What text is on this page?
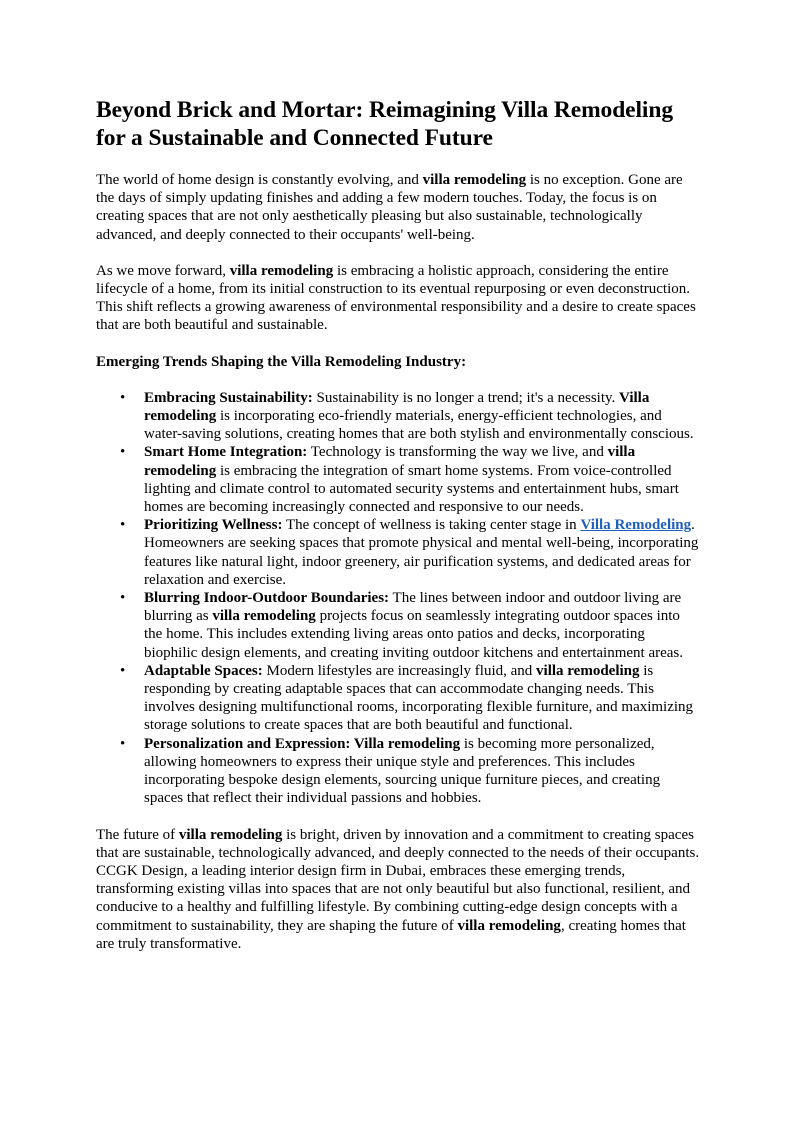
Beyond Brick and Mortar: Reimagining Villa Remodeling for a Sustainable and Connected Future

The world of home design is constantly evolving, and villa remodeling is no exception. Gone are the days of simply updating finishes and adding a few modern touches. Today, the focus is on creating spaces that are not only aesthetically pleasing but also sustainable, technologically advanced, and deeply connected to their occupants' well-being.

As we move forward, villa remodeling is embracing a holistic approach, considering the entire lifecycle of a home, from its initial construction to its eventual repurposing or even deconstruction. This shift reflects a growing awareness of environmental responsibility and a desire to create spaces that are both beautiful and sustainable.

Emerging Trends Shaping the Villa Remodeling Industry:

• Embracing Sustainability: Sustainability is no longer a trend; it's a necessity. Villa remodeling is incorporating eco-friendly materials, energy-efficient technologies, and water-saving solutions, creating homes that are both stylish and environmentally conscious.
• Smart Home Integration: Technology is transforming the way we live, and villa remodeling is embracing the integration of smart home systems. From voice-controlled lighting and climate control to automated security systems and entertainment hubs, smart homes are becoming increasingly connected and responsive to our needs.
• Prioritizing Wellness: The concept of wellness is taking center stage in Villa Remodeling. Homeowners are seeking spaces that promote physical and mental well-being, incorporating features like natural light, indoor greenery, air purification systems, and dedicated areas for relaxation and exercise.
• Blurring Indoor-Outdoor Boundaries: The lines between indoor and outdoor living are blurring as villa remodeling projects focus on seamlessly integrating outdoor spaces into the home. This includes extending living areas onto patios and decks, incorporating biophilic design elements, and creating inviting outdoor kitchens and entertainment areas.
• Adaptable Spaces: Modern lifestyles are increasingly fluid, and villa remodeling is responding by creating adaptable spaces that can accommodate changing needs. This involves designing multifunctional rooms, incorporating flexible furniture, and maximizing storage solutions to create spaces that are both beautiful and functional.
• Personalization and Expression: Villa remodeling is becoming more personalized, allowing homeowners to express their unique style and preferences. This includes incorporating bespoke design elements, sourcing unique furniture pieces, and creating spaces that reflect their individual passions and hobbies.

The future of villa remodeling is bright, driven by innovation and a commitment to creating spaces that are sustainable, technologically advanced, and deeply connected to the needs of their occupants. CCGK Design, a leading interior design firm in Dubai, embraces these emerging trends, transforming existing villas into spaces that are not only beautiful but also functional, resilient, and conducive to a healthy and fulfilling lifestyle. By combining cutting-edge design concepts with a commitment to sustainability, they are shaping the future of villa remodeling, creating homes that are truly transformative.
